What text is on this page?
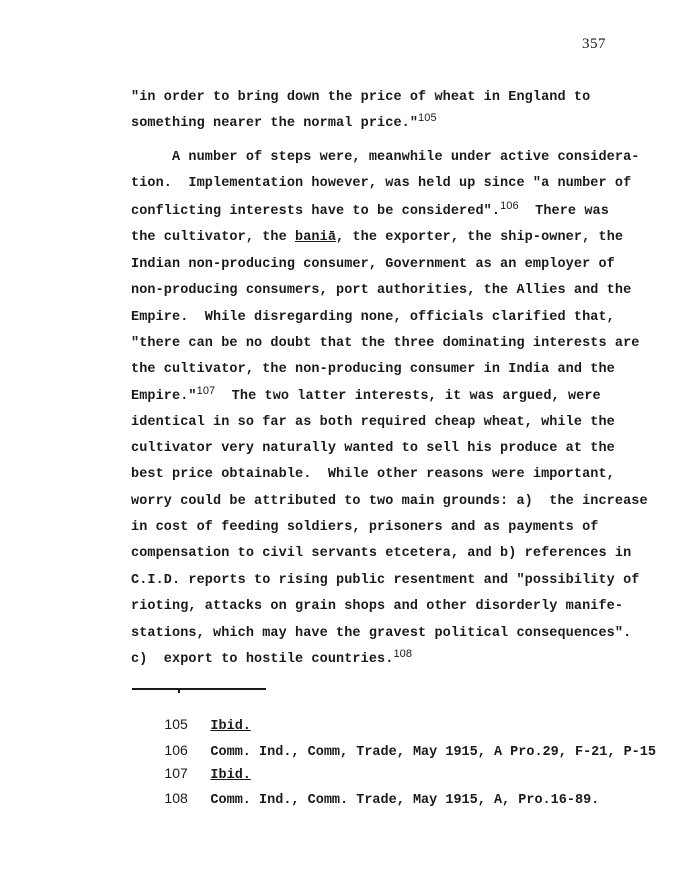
357
"in order to bring down the price of wheat in England to
something nearer the normal price."$^{105}$
A number of steps were, meanwhile under active considera-
tion.  Implementation however, was held up since "a number of
conflicting interests have to be considered".$^{106}$  There was
the cultivator, the baniā, the exporter, the ship-owner, the
Indian non-producing consumer, Government as an employer of
non-producing consumers, port authorities, the Allies and the
Empire.  While disregarding none, officials clarified that,
"there can be no doubt that the three dominating interests are
the cultivator, the non-producing consumer in India and the
Empire."$^{107}$  The two latter interests, it was argued, were
identical in so far as both required cheap wheat, while the
cultivator very naturally wanted to sell his produce at the
best price obtainable.  While other reasons were important,
worry could be attributed to two main grounds: a)  the increase
in cost of feeding soldiers, prisoners and as payments of
compensation to civil servants etcetera, and b) references in
C.I.D. reports to rising public resentment and "possibility of
rioting, attacks on grain shops and other disorderly manife-
stations, which may have the gravest political consequences".
c)  export to hostile countries.$^{108}$

105 Ibid.

106 Comm. Ind., Comm, Trade, May 1915, A Pro.29, F-21, P-15

107 Ibid.

108 Comm. Ind., Comm. Trade, May 1915, A, Pro.16-89.
